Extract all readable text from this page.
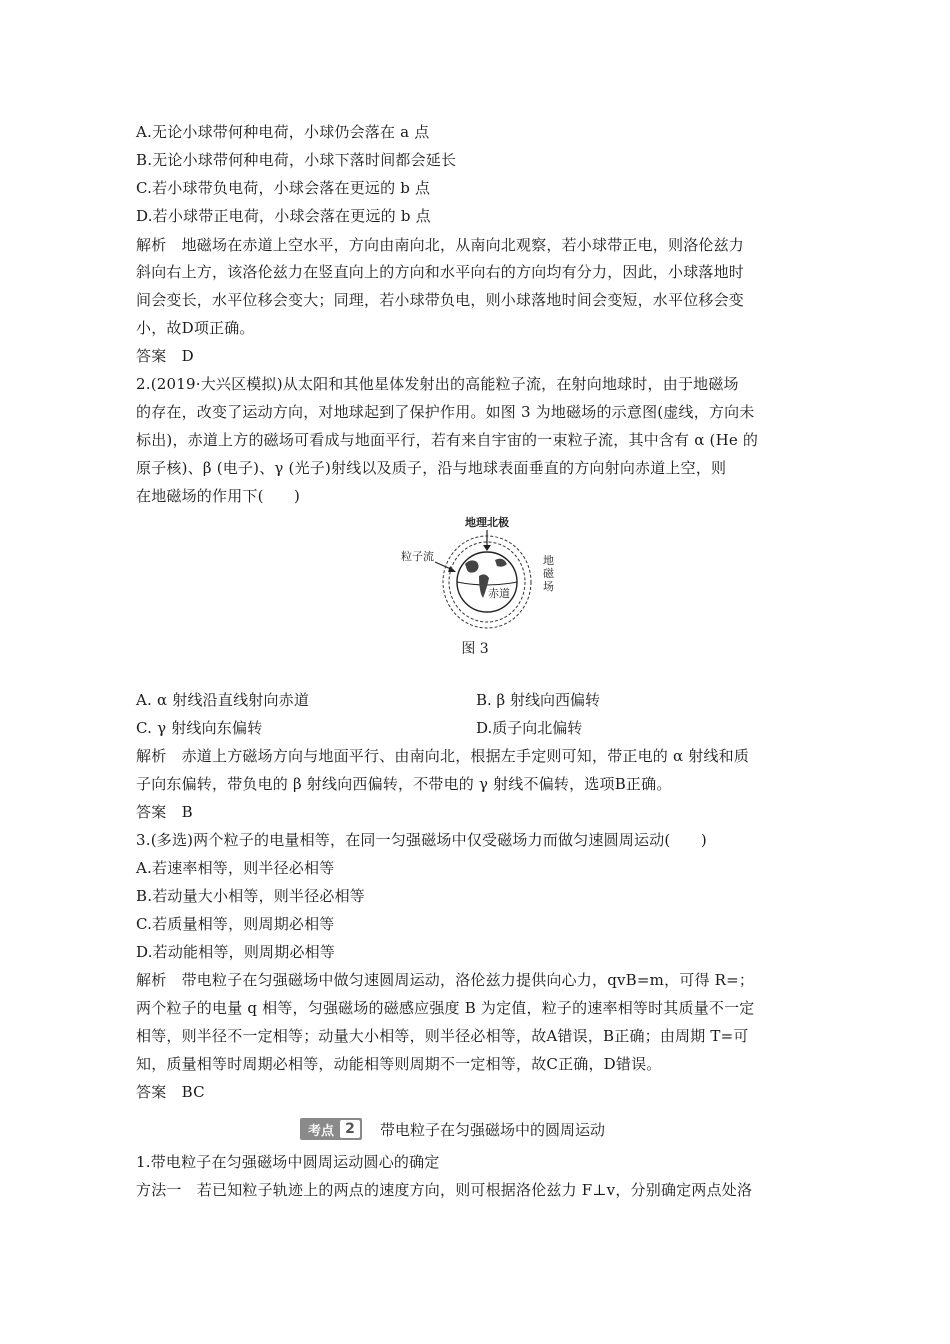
A.无论小球带何种电荷，小球仍会落在 a 点
B.无论小球带何种电荷，小球下落时间都会延长
C.若小球带负电荷，小球会落在更远的 b 点
D.若小球带正电荷，小球会落在更远的 b 点
解析　地磁场在赤道上空水平，方向由南向北，从南向北观察，若小球带正电，则洛伦兹力
斜向右上方，该洛伦兹力在竖直向上的方向和水平向右的方向均有分力，因此，小球落地时
间会变长，水平位移会变大；同理，若小球带负电，则小球落地时间会变短，水平位移会变
小，故D项正确。
答案　D
2.(2019·大兴区模拟)从太阳和其他星体发射出的高能粒子流，在射向地球时，由于地磁场
的存在，改变了运动方向，对地球起到了保护作用。如图 3 为地磁场的示意图(虚线，方向未
标出)，赤道上方的磁场可看成与地面平行，若有来自宇宙的一束粒子流，其中含有 α (He 的
原子核)、β (电子)、γ (光子)射线以及质子，沿与地球表面垂直的方向射向赤道上空，则
在地磁场的作用下(　　)
地理北极
粒子流
赤道
地
磁
场
图 3
A. α 射线沿直线射向赤道	B. β 射线向西偏转
C. γ 射线向东偏转	D.质子向北偏转
解析　赤道上方磁场方向与地面平行、由南向北，根据左手定则可知，带正电的 α 射线和质
子向东偏转，带负电的 β 射线向西偏转，不带电的 γ 射线不偏转，选项B正确。
答案　B
3.(多选)两个粒子的电量相等，在同一匀强磁场中仅受磁场力而做匀速圆周运动(　　)
A.若速率相等，则半径必相等
B.若动量大小相等，则半径必相等
C.若质量相等，则周期必相等
D.若动能相等，则周期必相等
解析　带电粒子在匀强磁场中做匀速圆周运动，洛伦兹力提供向心力，qvB=m，可得 R=；
两个粒子的电量 q 相等，匀强磁场的磁感应强度 B 为定值，粒子的速率相等时其质量不一定
相等，则半径不一定相等；动量大小相等，则半径必相等，故A错误，B正确；由周期 T=可
知，质量相等时周期必相等，动能相等则周期不一定相等，故C正确，D错误。
答案　BC
考点 2	带电粒子在匀强磁场中的圆周运动
1.带电粒子在匀强磁场中圆周运动圆心的确定
方法一　若已知粒子轨迹上的两点的速度方向，则可根据洛伦兹力 F⊥v，分别确定两点处洛
